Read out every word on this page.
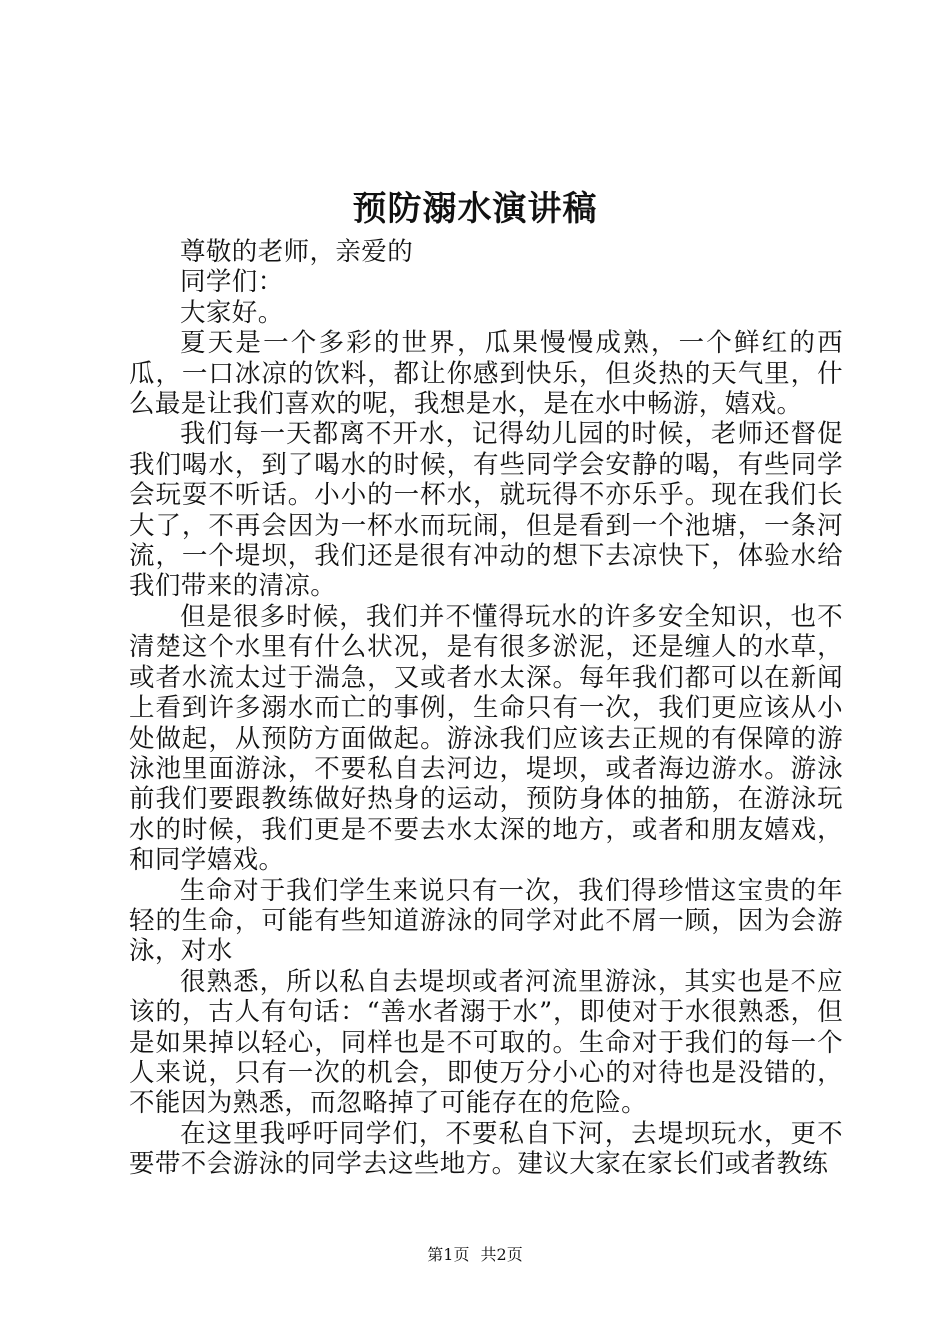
预防溺水演讲稿

尊敬的老师，亲爱的

同学们：

大家好。

夏天是一个多彩的世界，瓜果慢慢成熟，一个鲜红的西瓜，一口冰凉的饮料，都让你感到快乐，但炎热的天气里，什么最是让我们喜欢的呢，我想是水，是在水中畅游，嬉戏。

我们每一天都离不开水，记得幼儿园的时候，老师还督促我们喝水，到了喝水的时候，有些同学会安静的喝，有些同学会玩耍不听话。小小的一杯水，就玩得不亦乐乎。现在我们长大了，不再会因为一杯水而玩闹，但是看到一个池塘，一条河流，一个堤坝，我们还是很有冲动的想下去凉快下，体验水给我们带来的清凉。

但是很多时候，我们并不懂得玩水的许多安全知识，也不清楚这个水里有什么状况，是有很多淤泥，还是缠人的水草，或者水流太过于湍急，又或者水太深。每年我们都可以在新闻上看到许多溺水而亡的事例，生命只有一次，我们更应该从小处做起，从预防方面做起。游泳我们应该去正规的有保障的游泳池里面游泳，不要私自去河边，堤坝，或者海边游水。游泳前我们要跟教练做好热身的运动，预防身体的抽筋，在游泳玩水的时候，我们更是不要去水太深的地方，或者和朋友嬉戏，和同学嬉戏。

生命对于我们学生来说只有一次，我们得珍惜这宝贵的年轻的生命，可能有些知道游泳的同学对此不屑一顾，因为会游泳，对水

很熟悉，所以私自去堤坝或者河流里游泳，其实也是不应该的，古人有句话：“善水者溺于水”，即使对于水很熟悉，但是如果掉以轻心，同样也是不可取的。生命对于我们的每一个人来说，只有一次的机会，即使万分小心的对待也是没错的，不能因为熟悉，而忽略掉了可能存在的危险。

在这里我呼吁同学们，不要私自下河，去堤坝玩水，更不要带不会游泳的同学去这些地方。建议大家在家长们或者教练

第1页 共2页
